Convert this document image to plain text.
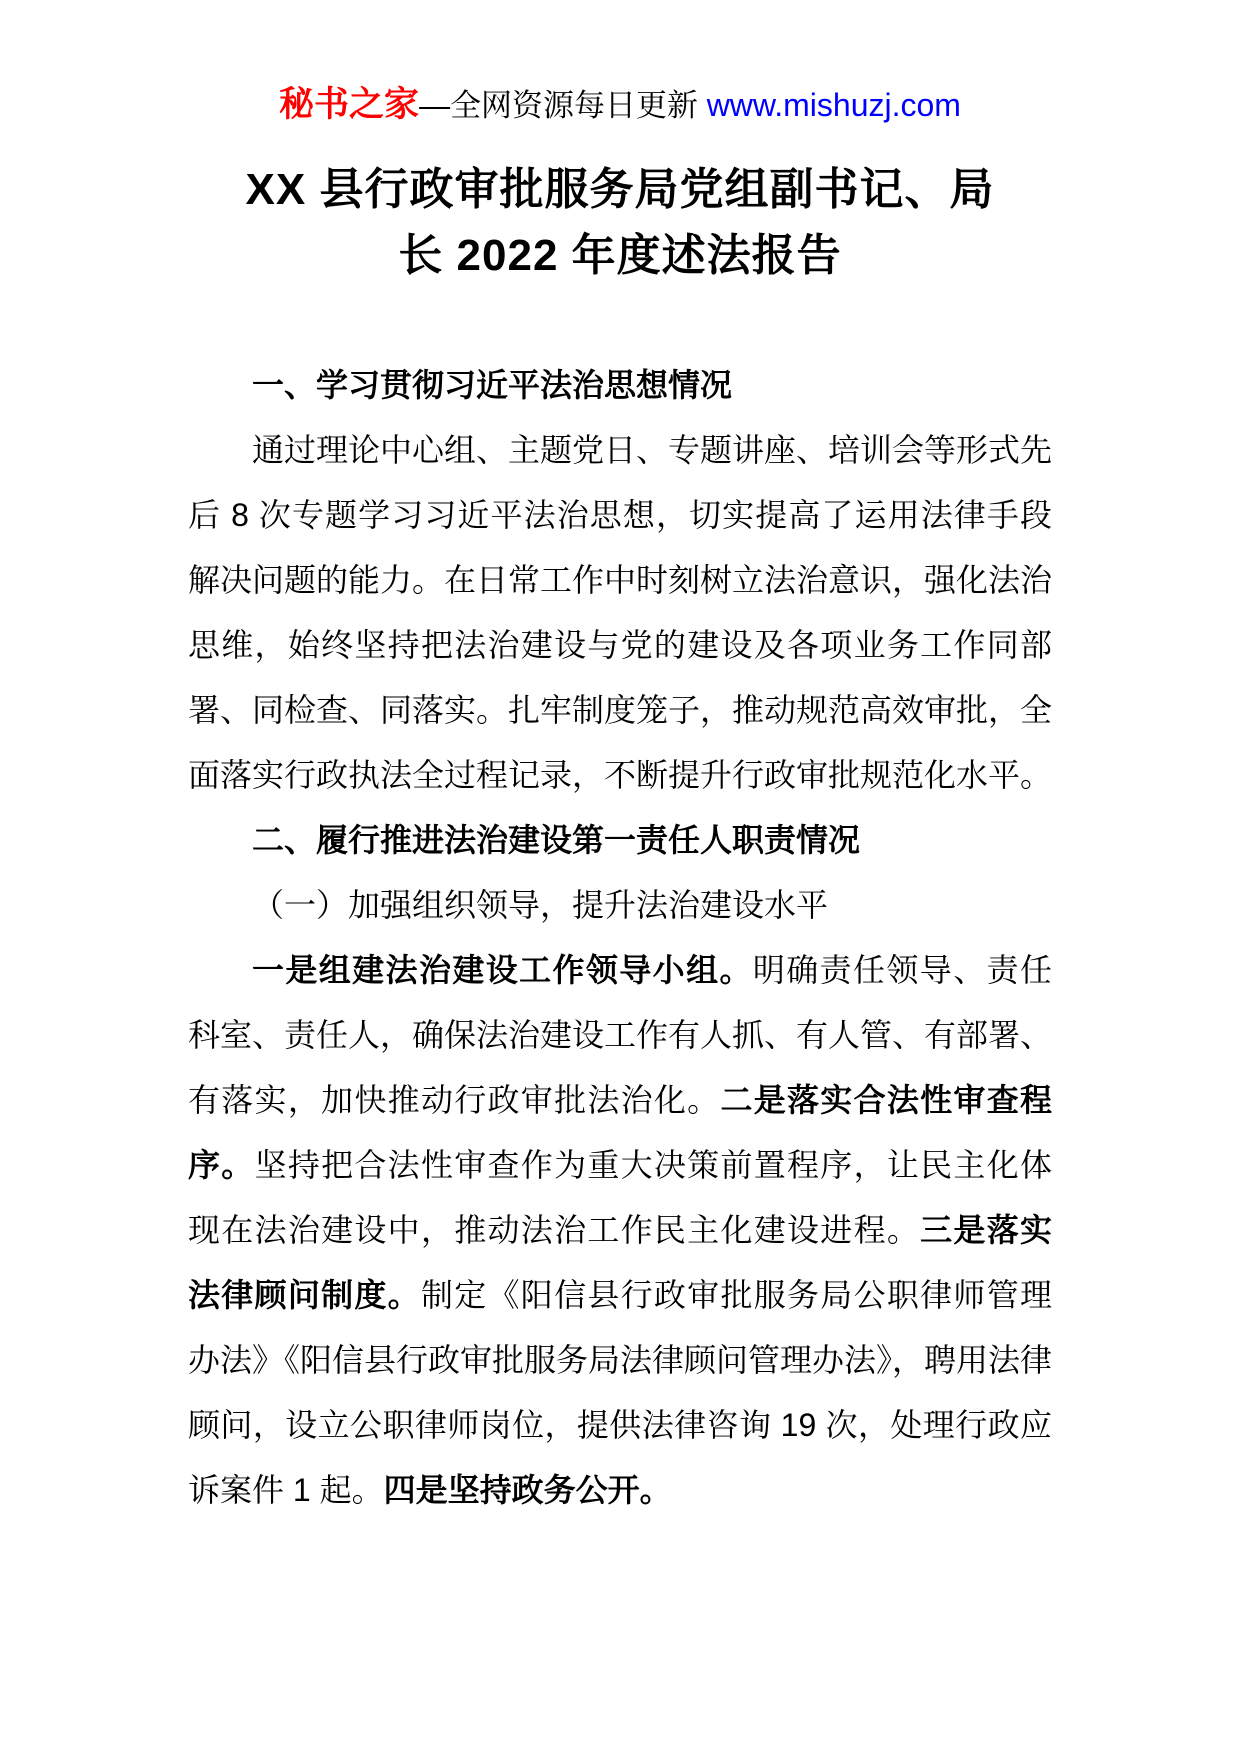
秘书之家—全网资源每日更新 www.mishuzj.com
XX 县行政审批服务局党组副书记、局
长 2022 年度述法报告

一、学习贯彻习近平法治思想情况

通过理论中心组、主题党日、专题讲座、培训会等形式先后 8 次专题学习习近平法治思想，切实提高了运用法律手段解决问题的能力。在日常工作中时刻树立法治意识，强化法治思维，始终坚持把法治建设与党的建设及各项业务工作同部署、同检查、同落实。扎牢制度笼子，推动规范高效审批，全面落实行政执法全过程记录，不断提升行政审批规范化水平。

二、履行推进法治建设第一责任人职责情况

（一）加强组织领导，提升法治建设水平

一是组建法治建设工作领导小组。明确责任领导、责任科室、责任人，确保法治建设工作有人抓、有人管、有部署、有落实，加快推动行政审批法治化。二是落实合法性审查程序。坚持把合法性审查作为重大决策前置程序，让民主化体现在法治建设中，推动法治工作民主化建设进程。三是落实法律顾问制度。制定《阳信县行政审批服务局公职律师管理办法》《阳信县行政审批服务局法律顾问管理办法》，聘用法律顾问，设立公职律师岗位，提供法律咨询 19 次，处理行政应诉案件 1 起。四是坚持政务公开。
